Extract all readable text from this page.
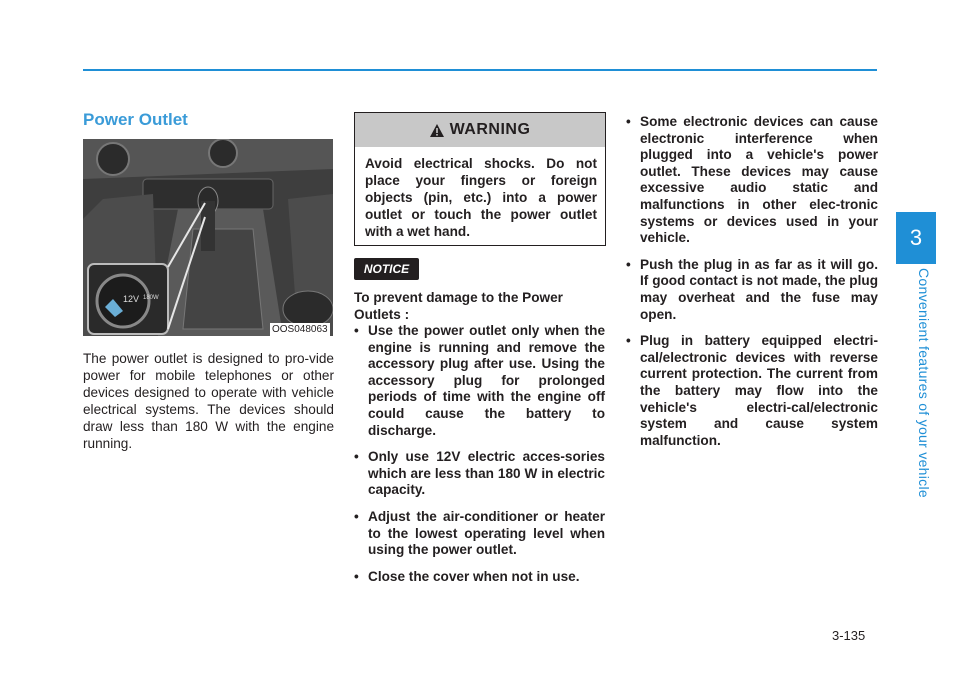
3
Convenient features of your vehicle
Power Outlet
12V 180W
OOS048063

The power outlet is designed to pro-vide power for mobile telephones or other devices designed to operate with vehicle electrical systems. The devices should draw less than 180 W with the engine running.

WARNING

Avoid electrical shocks. Do not place your fingers or foreign objects (pin, etc.) into a power outlet or touch the power outlet with a wet hand.

NOTICE

To prevent damage to the Power Outlets :

• Use the power outlet only when the engine is running and remove the accessory plug after use. Using the accessory plug for prolonged periods of time with the engine off could cause the battery to discharge.
• Only use 12V electric acces-sories which are less than 180 W in electric capacity.
• Adjust the air-conditioner or heater to the lowest operating level when using the power outlet.
• Close the cover when not in use.
• Some electronic devices can cause electronic interference when plugged into a vehicle's power outlet. These devices may cause excessive audio static and malfunctions in other elec-tronic systems or devices used in your vehicle.
• Push the plug in as far as it will go. If good contact is not made, the plug may overheat and the fuse may open.
• Plug in battery equipped electri-cal/electronic devices with reverse current protection. The current from the battery may flow into the vehicle's electri-cal/electronic system and cause system malfunction.
3-135
